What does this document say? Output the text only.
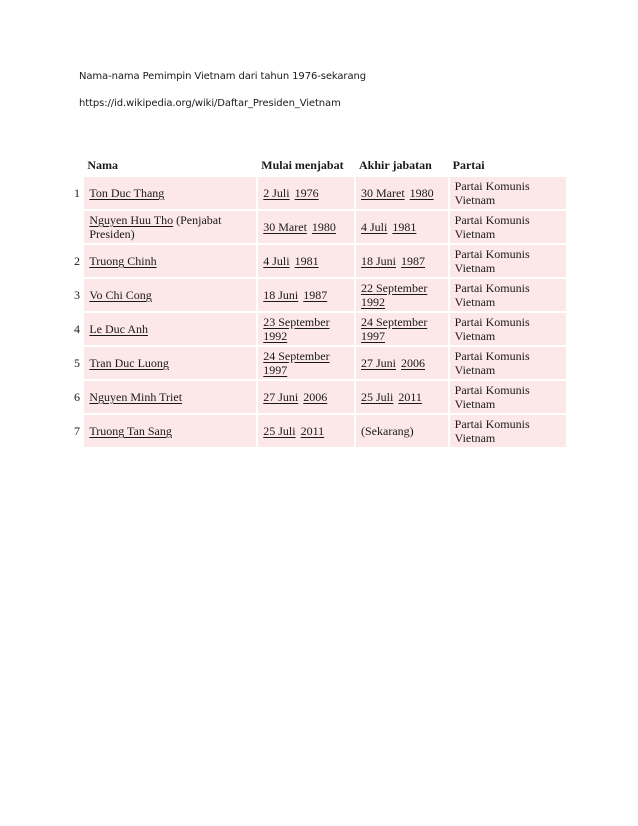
Nama-nama Pemimpin Vietnam dari tahun 1976-sekarang
https://id.wikipedia.org/wiki/Daftar_Presiden_Vietnam
	Nama	Mulai menjabat	Akhir jabatan	Partai
1	Ton Duc Thang	2 Juli 1976	30 Maret 1980	Partai Komunis Vietnam
	Nguyen Huu Tho (Penjabat Presiden)	30 Maret 1980	4 Juli 1981	Partai Komunis Vietnam
2	Truong Chinh	4 Juli 1981	18 Juni 1987	Partai Komunis Vietnam
3	Vo Chi Cong	18 Juni 1987	22 September1992	Partai Komunis Vietnam
4	Le Duc Anh	23 September1992	24 September1997	Partai Komunis Vietnam
5	Tran Duc Luong	24 September1997	27 Juni 2006	Partai Komunis Vietnam
6	Nguyen Minh Triet	27 Juni 2006	25 Juli 2011	Partai Komunis Vietnam
7	Truong Tan Sang	25 Juli 2011	(Sekarang)	Partai Komunis Vietnam
